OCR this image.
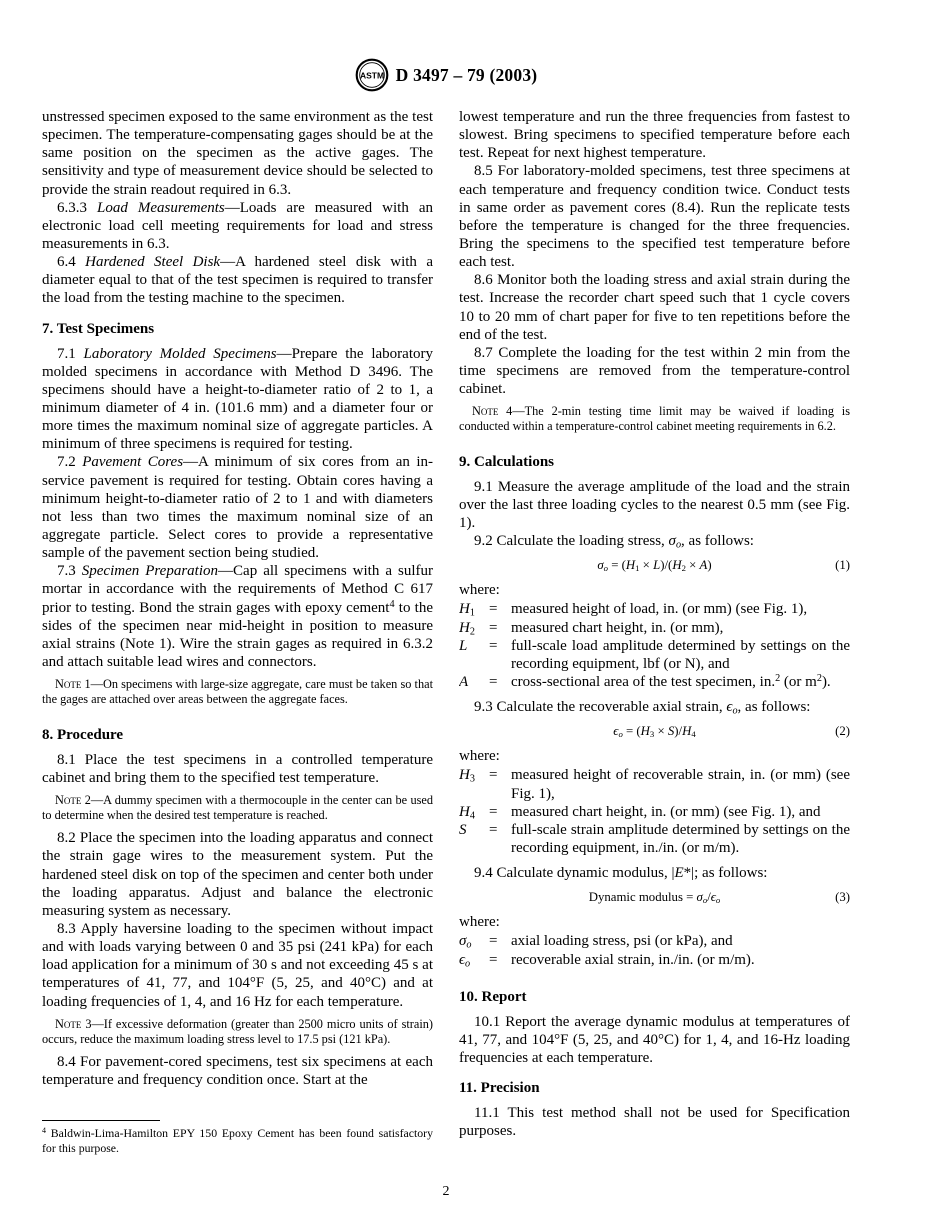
ASTM D 3497 – 79 (2003)

unstressed specimen exposed to the same environment as the test specimen. The temperature-compensating gages should be at the same position on the specimen as the active gages. The sensitivity and type of measurement device should be selected to provide the strain readout required in 6.3.

6.3.3 Load Measurements—Loads are measured with an electronic load cell meeting requirements for load and stress measurements in 6.3.

6.4 Hardened Steel Disk—A hardened steel disk with a diameter equal to that of the test specimen is required to transfer the load from the testing machine to the specimen.

7. Test Specimens

7.1 Laboratory Molded Specimens—Prepare the laboratory molded specimens in accordance with Method D 3496. The specimens should have a height-to-diameter ratio of 2 to 1, a minimum diameter of 4 in. (101.6 mm) and a diameter four or more times the maximum nominal size of aggregate particles. A minimum of three specimens is required for testing.

7.2 Pavement Cores—A minimum of six cores from an in-service pavement is required for testing. Obtain cores having a minimum height-to-diameter ratio of 2 to 1 and with diameters not less than two times the maximum nominal size of an aggregate particle. Select cores to provide a representative sample of the pavement section being studied.

7.3 Specimen Preparation—Cap all specimens with a sulfur mortar in accordance with the requirements of Method C 617 prior to testing. Bond the strain gages with epoxy cement$^4$ to the sides of the specimen near mid-height in position to measure axial strains (Note 1). Wire the strain gages as required in 6.3.2 and attach suitable lead wires and connectors.

Note 1—On specimens with large-size aggregate, care must be taken so that the gages are attached over areas between the aggregate faces.

8. Procedure

8.1 Place the test specimens in a controlled temperature cabinet and bring them to the specified test temperature.

Note 2—A dummy specimen with a thermocouple in the center can be used to determine when the desired test temperature is reached.

8.2 Place the specimen into the loading apparatus and connect the strain gage wires to the measurement system. Put the hardened steel disk on top of the specimen and center both under the loading apparatus. Adjust and balance the electronic measuring system as necessary.

8.3 Apply haversine loading to the specimen without impact and with loads varying between 0 and 35 psi (241 kPa) for each load application for a minimum of 30 s and not exceeding 45 s at temperatures of 41, 77, and 104°F (5, 25, and 40°C) and at loading frequencies of 1, 4, and 16 Hz for each temperature.

Note 3—If excessive deformation (greater than 2500 micro units of strain) occurs, reduce the maximum loading stress level to 17.5 psi (121 kPa).

8.4 For pavement-cored specimens, test six specimens at each temperature and frequency condition once. Start at the

$^4$ Baldwin-Lima-Hamilton EPY 150 Epoxy Cement has been found satisfactory for this purpose.

lowest temperature and run the three frequencies from fastest to slowest. Bring specimens to specified temperature before each test. Repeat for next highest temperature.

8.5 For laboratory-molded specimens, test three specimens at each temperature and frequency condition twice. Conduct tests in same order as pavement cores (8.4). Run the replicate tests before the temperature is changed for the three frequencies. Bring the specimens to the specified test temperature before each test.

8.6 Monitor both the loading stress and axial strain during the test. Increase the recorder chart speed such that 1 cycle covers 10 to 20 mm of chart paper for five to ten repetitions before the end of the test.

8.7 Complete the loading for the test within 2 min from the time specimens are removed from the temperature-control cabinet.

Note 4—The 2-min testing time limit may be waived if loading is conducted within a temperature-control cabinet meeting requirements in 6.2.

9. Calculations

9.1 Measure the average amplitude of the load and the strain over the last three loading cycles to the nearest 0.5 mm (see Fig. 1).

9.2 Calculate the loading stress, σo, as follows:

σo = (H1 × L)/(H2 × A)	(1)

where:

H1 = measured height of load, in. (or mm) (see Fig. 1),
H2 = measured chart height, in. (or mm),
L	= full-scale load amplitude determined by settings on the recording equipment, lbf (or N), and
A	= cross-sectional area of the test specimen, in.$^2$ (or $m^2$).

9.3 Calculate the recoverable axial strain, ϵo, as follows:

ϵo = (H3 × S)/H4	(2)

where:

H3 = measured height of recoverable strain, in. (or mm) (see Fig. 1),
H4 = measured chart height, in. (or mm) (see Fig. 1), and
S	= full-scale strain amplitude determined by settings on the recording equipment, in./in. (or m/m).

9.4 Calculate dynamic modulus, |E*|; as follows:

Dynamic modulus = σo/ϵo	(3)

where:

σo	= axial loading stress, psi (or kPa), and
ϵo	= recoverable axial strain, in./in. (or m/m).
10. Report

10.1 Report the average dynamic modulus at temperatures of 41, 77, and 104°F (5, 25, and 40°C) for 1, 4, and 16-Hz loading frequencies at each temperature.

11. Precision

11.1 This test method shall not be used for Specification purposes.

2
